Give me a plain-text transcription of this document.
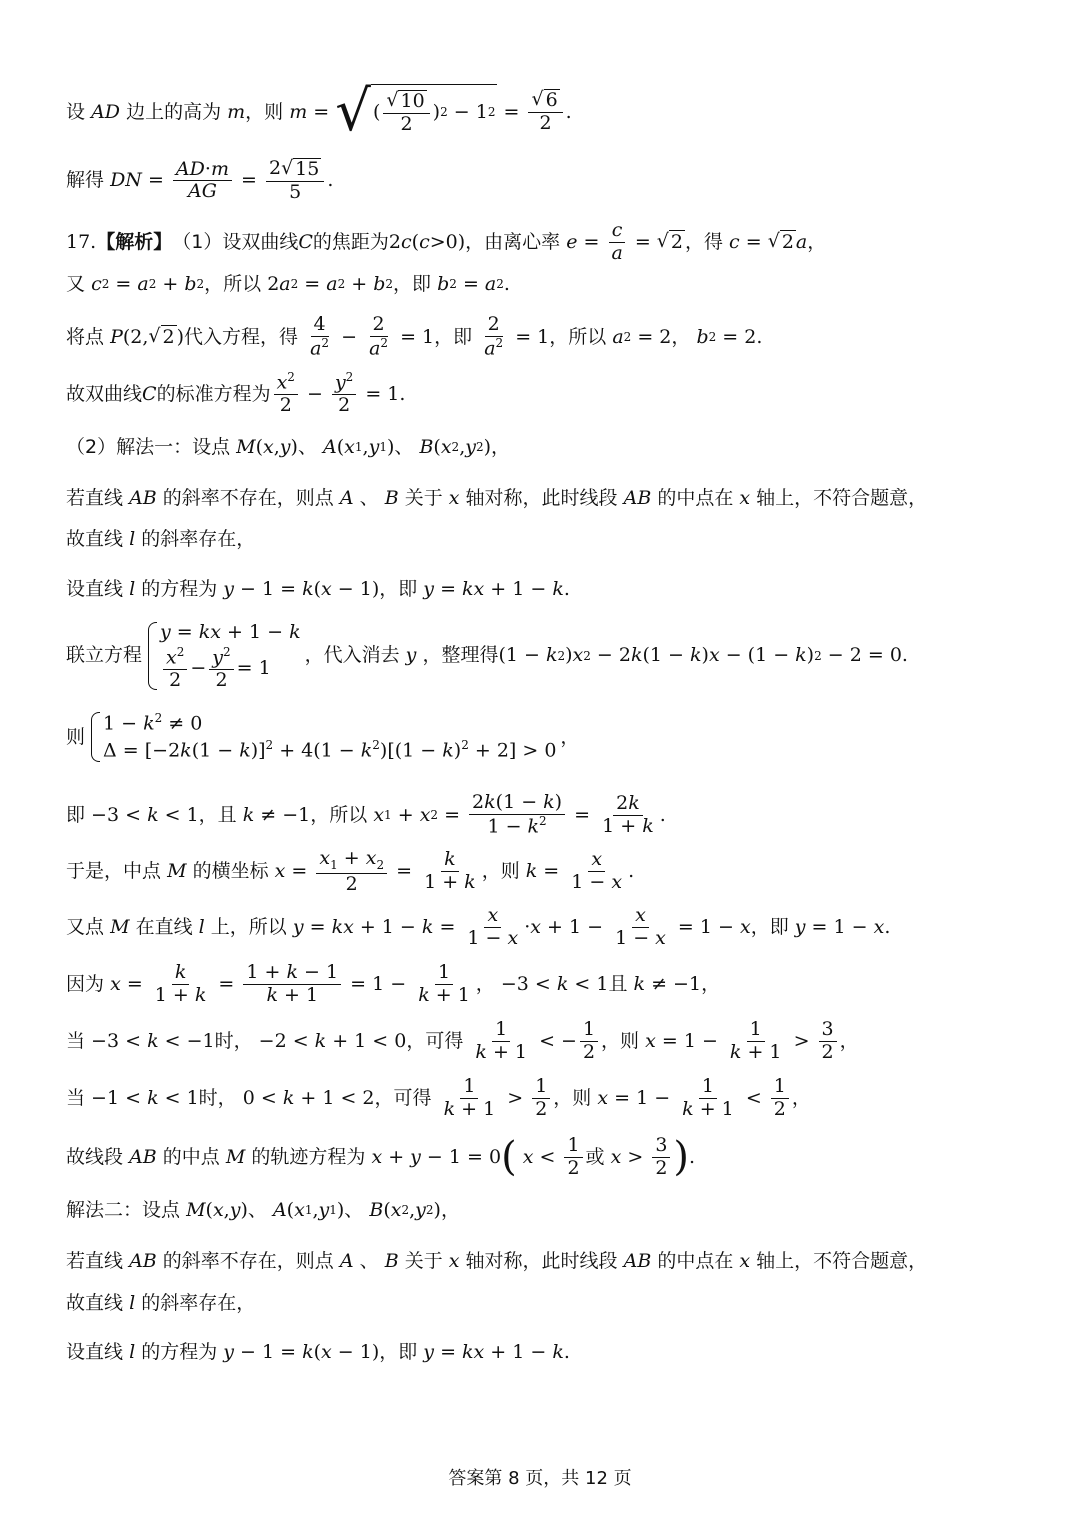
设
AD
边上的高为
m ，则
m = √ ( $\frac{√ 10}{2}$ ) 2 − 1 $2 = \frac{√ 6}{2}$ .
解得
DN = $\frac{AD\cdot m}{AG} = \frac{2 √ 15}{5}$ .
17. 【解析】 （1）设双曲线 C 的焦距为 2 c ( c >0) ，由离心率
$e = \frac{c}{a}$ = √ 2 ，得
c = √ 2 a ，
又
c 2 = a 2 + b 2 ，所以 2 a 2 = a 2 + b 2 ，即
b 2 = a 2 .
将点
P (2, √ 2 ) 代入方程，得
$\frac{4}{a^2} - \frac{2}{a^2} = 1$ ，即
$\frac{2}{a^2} = 1$ ，所以
a 2 = 2 ，
b 2 = 2.
故双曲线 C 的标准方程为 $\frac{x^2}{2} - \frac{y^2}{2} = 1$.
（2）解法一：设点
M ( x , y ) 、
A ( x 1 , y 1 ) 、
B ( x 2 , y 2 ) ，
若直线
AB
的斜率不存在，则点
A
、
B
关于
x
轴对称，此时线段
AB
的中点在
x
轴上，不符合题意，
故直线
l
的斜率存在，
设直线
l
的方程为
y − 1 = k ( x − 1) ，即
y = kx + 1 − k .
联立方程
y = kx + 1 − k
$\frac{x^2}{2} - \frac{y^2}{2} = 1$
，代入消去
y
，整理得 (1 − k 2 ) x 2 − 2 k (1 − k ) x − (1 − k ) 2 − 2 = 0.
则
$1 - k^2 \ne 0$
$\Delta = [-2k(1 - k)]^2 + 4(1 - k^2)[(1 - k)^2 + 2] > 0$
，
即 −3 < k < 1 ，且
k ≠ −1 ，所以
x 1 + x $2 = \frac{2k(1 - k)}{1 - k^2} = \frac{2k}{1 + k}$ .
于是，中点
M
的横坐标
$x = \frac{x_1 + x_2}{2} = \frac{k}{1 + k}$ ，则
$k = \frac{x}{1 - x}$ .
又点
M
在直线
l
上，所以
y = kx + $1 - k = \frac{x}{1 - x} \cdot x + 1 - \frac{x}{1 - x} = 1 - x$ ，即
y = 1 − x .
因为
$x = \frac{k}{1 + k} = \frac{1 + k - 1}{k + 1} = 1 - \frac{1}{k + 1}$ ， −3 < k < 1 且
k ≠ −1 ，
当 −3 < k < −1 时， −2 < k + 1 < 0 ，可得
$\frac{1}{k + 1}$ < − $\frac{1}{2}$ ，则
$x = 1 - \frac{1}{k + 1} > \frac{3}{2}$ ，
当 −1 < k < 1 时， 0 < k + 1 < 2 ，可得
$\frac{1}{k + 1} > \frac{1}{2}$ ，则
$x = 1 - \frac{1}{k + 1} < \frac{1}{2}$ ，
故线段
AB
的中点
M
的轨迹方程为
x + y − 1 = 0 (
$x < \frac{1}{2}$ 或
$x > \frac{3}{2}$ ) .
解法二：设点
M ( x , y ) 、
A ( x 1 , y 1 ) 、
B ( x 2 , y 2 ) ，
若直线
AB
的斜率不存在，则点
A
、
B
关于
x
轴对称，此时线段
AB
的中点在
x
轴上，不符合题意，
故直线
l
的斜率存在，
设直线
l
的方程为
y − 1 = k ( x − 1) ，即
y = kx + 1 − k .
答案第 8 页，共 12 页
